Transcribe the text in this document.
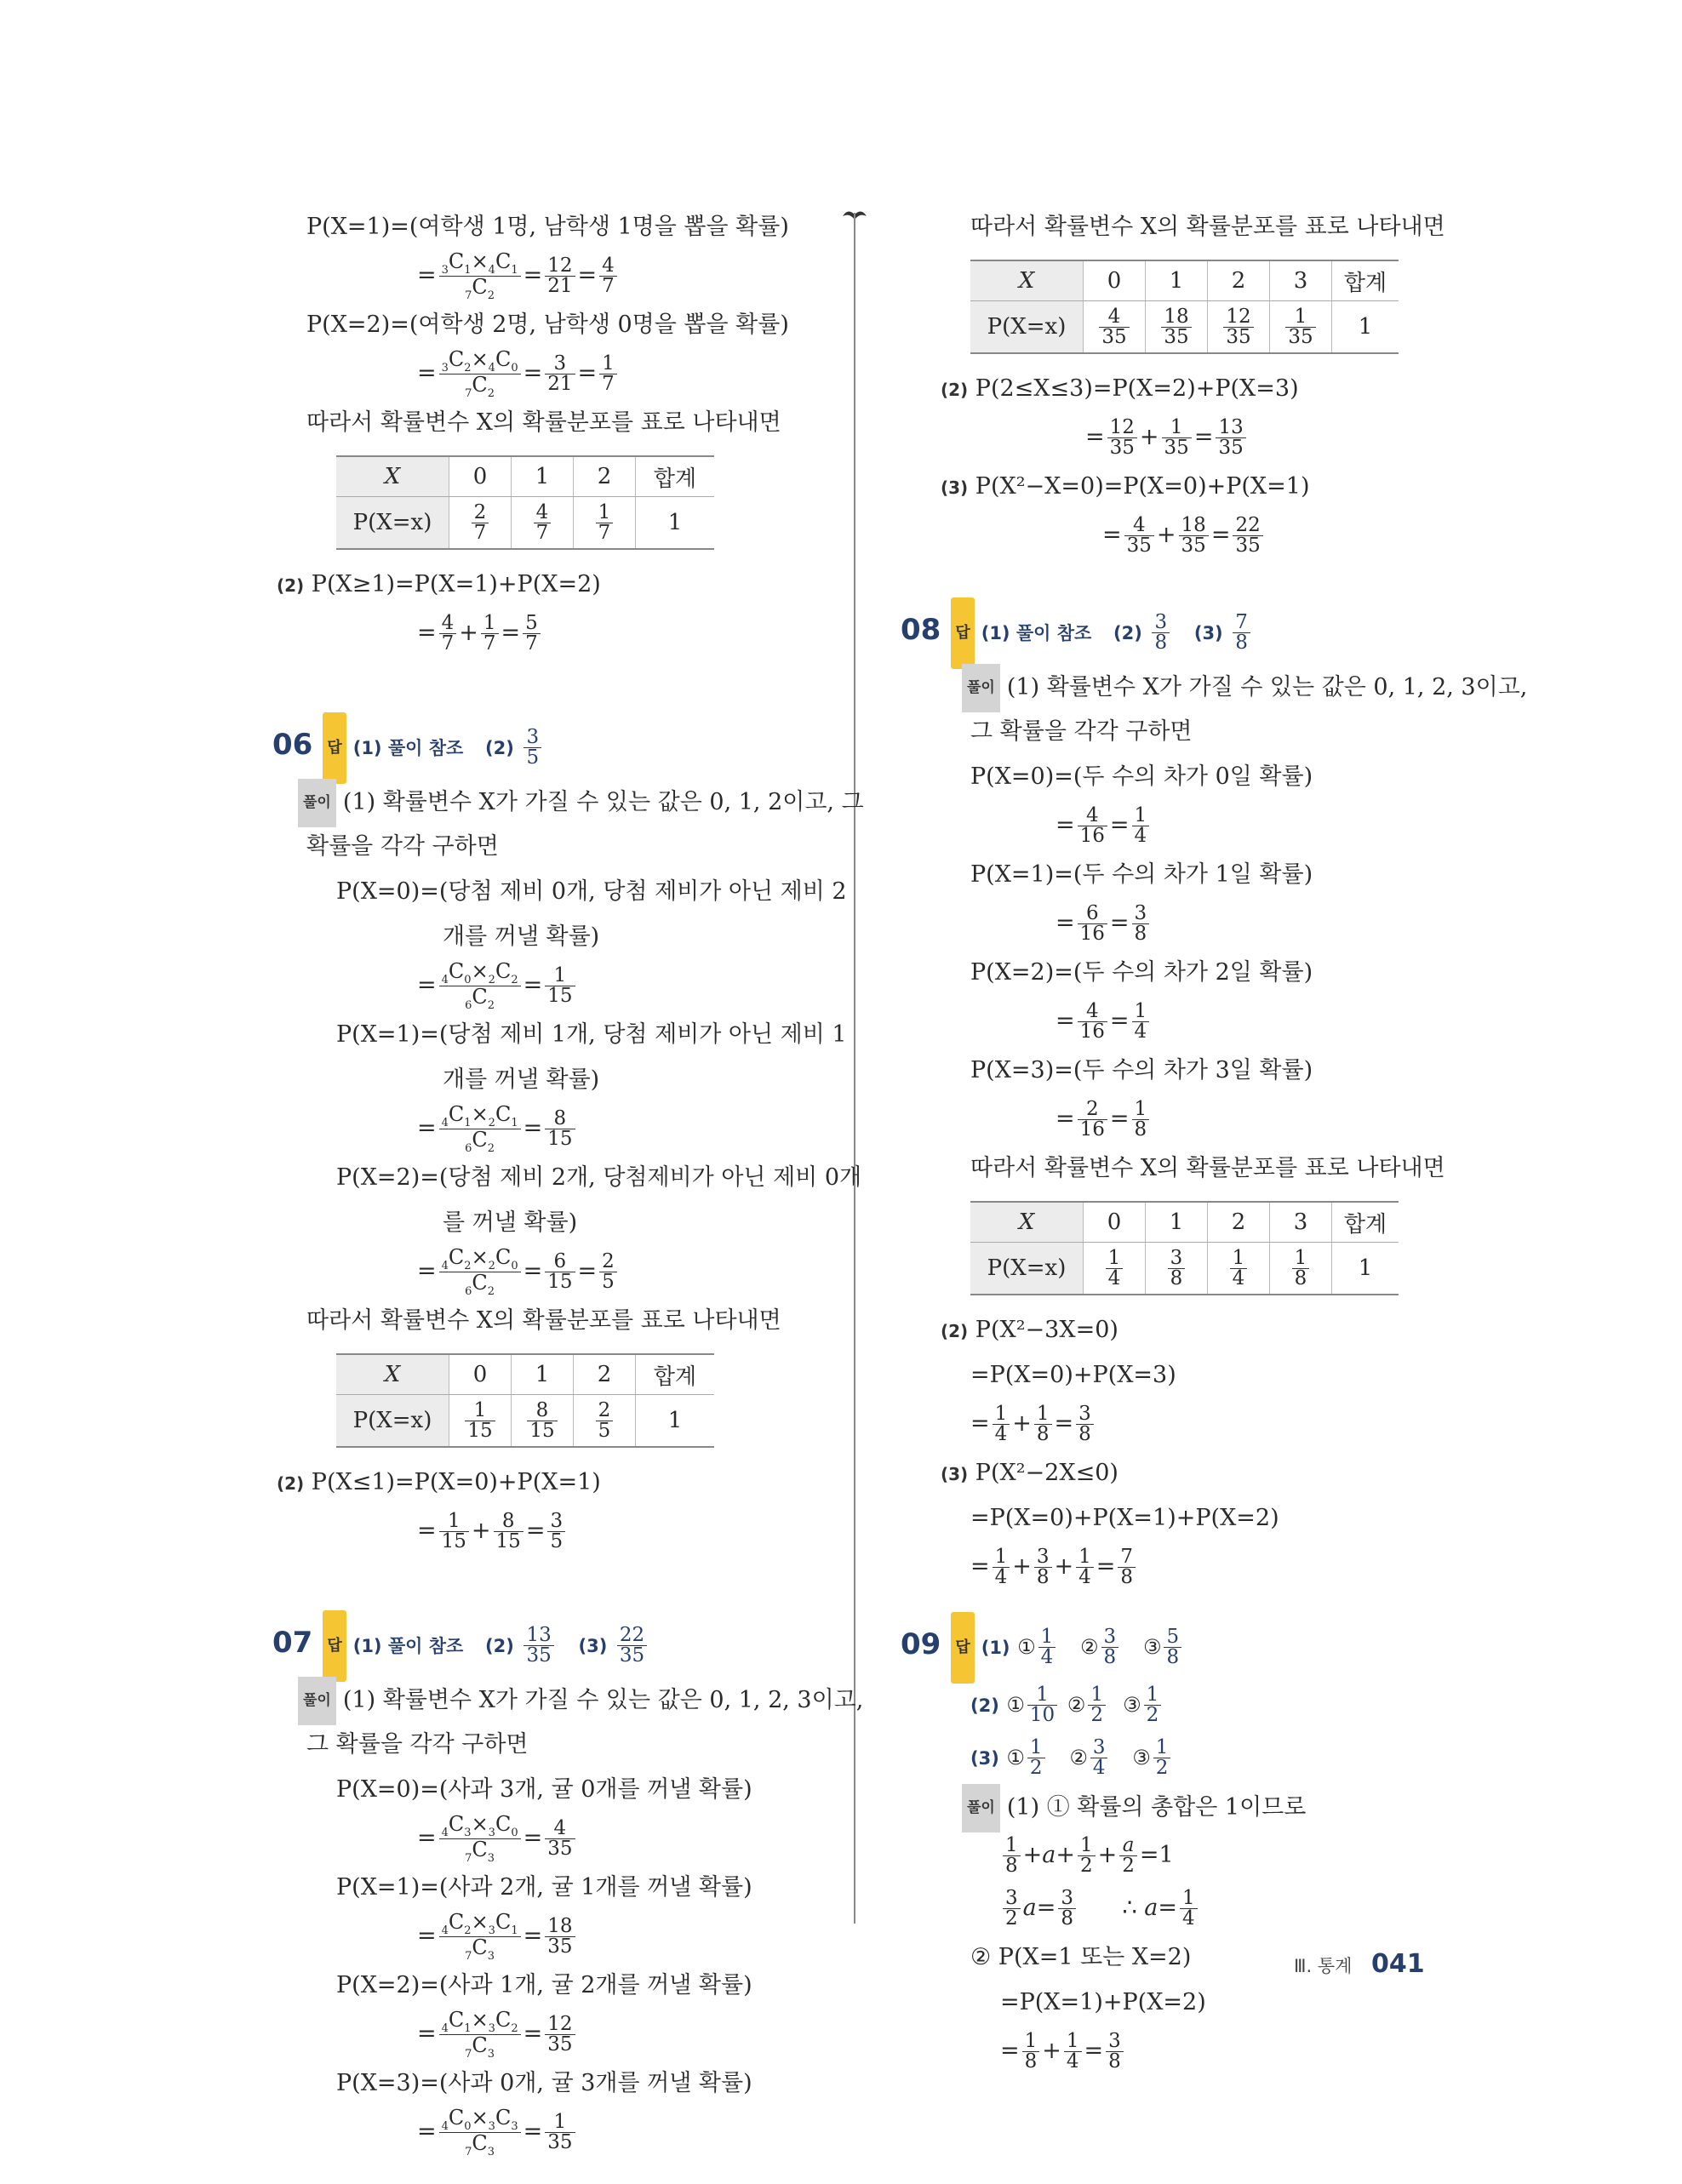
P(X=1)=(여학생 1명, 남학생 1명을 뽑을 확률)
= $\frac{_3C_1\times_4C_1}{_7C_2} = \frac{12}{21} = \frac{4}{7}$
P(X=2)=(여학생 2명, 남학생 0명을 뽑을 확률)
= $\frac{_3C_2\times_4C_0}{_7C_2} = \frac{3}{21} = \frac{1}{7}$
따라서 확률변수 X의 확률분포를 표로 나타내면
X	0	1	2	합계
P(X=x)	$\frac{2}{7}$	$\frac{4}{7}$	$\frac{1}{7}$	1
(2) P(X≥1)=P(X=1)+P(X=2)
= $\frac{4}{7} + \frac{1}{7} = \frac{5}{7}$
06 답 (1) 풀이 참조 $(2) \frac{3}{5}$
풀이 (1) 확률변수 X가 가질 수 있는 값은 0, 1, 2이고, 그
확률을 각각 구하면
P(X=0)=(당첨 제비 0개, 당첨 제비가 아닌 제비 2
개를 꺼낼 확률)
= $\frac{_4C_0\times_2C_2}{_6C_2} = \frac{1}{15}$
P(X=1)=(당첨 제비 1개, 당첨 제비가 아닌 제비 1
개를 꺼낼 확률)
= $\frac{_4C_1\times_2C_1}{_6C_2} = \frac{8}{15}$
P(X=2)=(당첨 제비 2개, 당첨제비가 아닌 제비 0개
를 꺼낼 확률)
= $\frac{_4C_2\times_2C_0}{_6C_2} = \frac{6}{15} = \frac{2}{5}$
따라서 확률변수 X의 확률분포를 표로 나타내면
X	0	1	2	합계
P(X=x)	$\frac{1}{15}$	$\frac{8}{15}$	$\frac{2}{5}$	1
(2) P(X≤1)=P(X=0)+P(X=1)
= $\frac{1}{15} + \frac{8}{15} = \frac{3}{5}$
07 답 (1) 풀이 참조 $(2) \frac{13}{35} (3) \frac{22}{35}$
풀이 (1) 확률변수 X가 가질 수 있는 값은 0, 1, 2, 3이고,
그 확률을 각각 구하면
P(X=0)=(사과 3개, 귤 0개를 꺼낼 확률)
= $\frac{_4C_3\times_3C_0}{_7C_3} = \frac{4}{35}$
P(X=1)=(사과 2개, 귤 1개를 꺼낼 확률)
= $\frac{_4C_2\times_3C_1}{_7C_3} = \frac{18}{35}$
P(X=2)=(사과 1개, 귤 2개를 꺼낼 확률)
= $\frac{_4C_1\times_3C_2}{_7C_3} = \frac{12}{35}$
P(X=3)=(사과 0개, 귤 3개를 꺼낼 확률)
= $\frac{_4C_0\times_3C_3}{_7C_3} = \frac{1}{35}$
따라서 확률변수 X의 확률분포를 표로 나타내면
X	0	1	2	3	합계
P(X=x)	$\frac{4}{35}$	$\frac{18}{35}$	$\frac{12}{35}$	$\frac{1}{35}$	1
(2) P(2≤X≤3)=P(X=2)+P(X=3)
= $\frac{12}{35} + \frac{1}{35} = \frac{13}{35}$
(3) P(X²−X=0)=P(X=0)+P(X=1)
= $\frac{4}{35} + \frac{18}{35} = \frac{22}{35}$
08 답 (1) 풀이 참조 $(2) \frac{3}{8} (3) \frac{7}{8}$
풀이 (1) 확률변수 X가 가질 수 있는 값은 0, 1, 2, 3이고,
그 확률을 각각 구하면
P(X=0)=(두 수의 차가 0일 확률)
= $\frac{4}{16} = \frac{1}{4}$
P(X=1)=(두 수의 차가 1일 확률)
= $\frac{6}{16} = \frac{3}{8}$
P(X=2)=(두 수의 차가 2일 확률)
= $\frac{4}{16} = \frac{1}{4}$
P(X=3)=(두 수의 차가 3일 확률)
= $\frac{2}{16} = \frac{1}{8}$
따라서 확률변수 X의 확률분포를 표로 나타내면
X	0	1	2	3	합계
P(X=x)	$\frac{1}{4}$	$\frac{3}{8}$	$\frac{1}{4}$	$\frac{1}{8}$	1
(2) P(X²−3X=0)
=P(X=0)+P(X=3)
= $\frac{1}{4} + \frac{1}{8} = \frac{3}{8}$
(3) P(X²−2X≤0)
=P(X=0)+P(X=1)+P(X=2)
= $\frac{1}{4} + \frac{3}{8} + \frac{1}{4} = \frac{7}{8}$
09 답 (1) ① $\frac{1}{4}$ ② $\frac{3}{8}$ ③ $\frac{5}{8}$
(2) ① $\frac{1}{10}$ ② $\frac{1}{2}$ ③ $\frac{1}{2}$
(3) ① $\frac{1}{2}$ ② $\frac{3}{4}$ ③ $\frac{1}{2}$
풀이 (1) ① 확률의 총합은 1이므로
$\frac{1}{8} +a+ \frac{1}{2} + \frac{a}{2} =1$
$\frac{3}{2} a= \frac{3}{8}$ ∴ $a= \frac{1}{4}$
② P(X=1 또는 X=2)
=P(X=1)+P(X=2)
= $\frac{1}{8} + \frac{1}{4} = \frac{3}{8}$
Ⅲ. 통계 041
